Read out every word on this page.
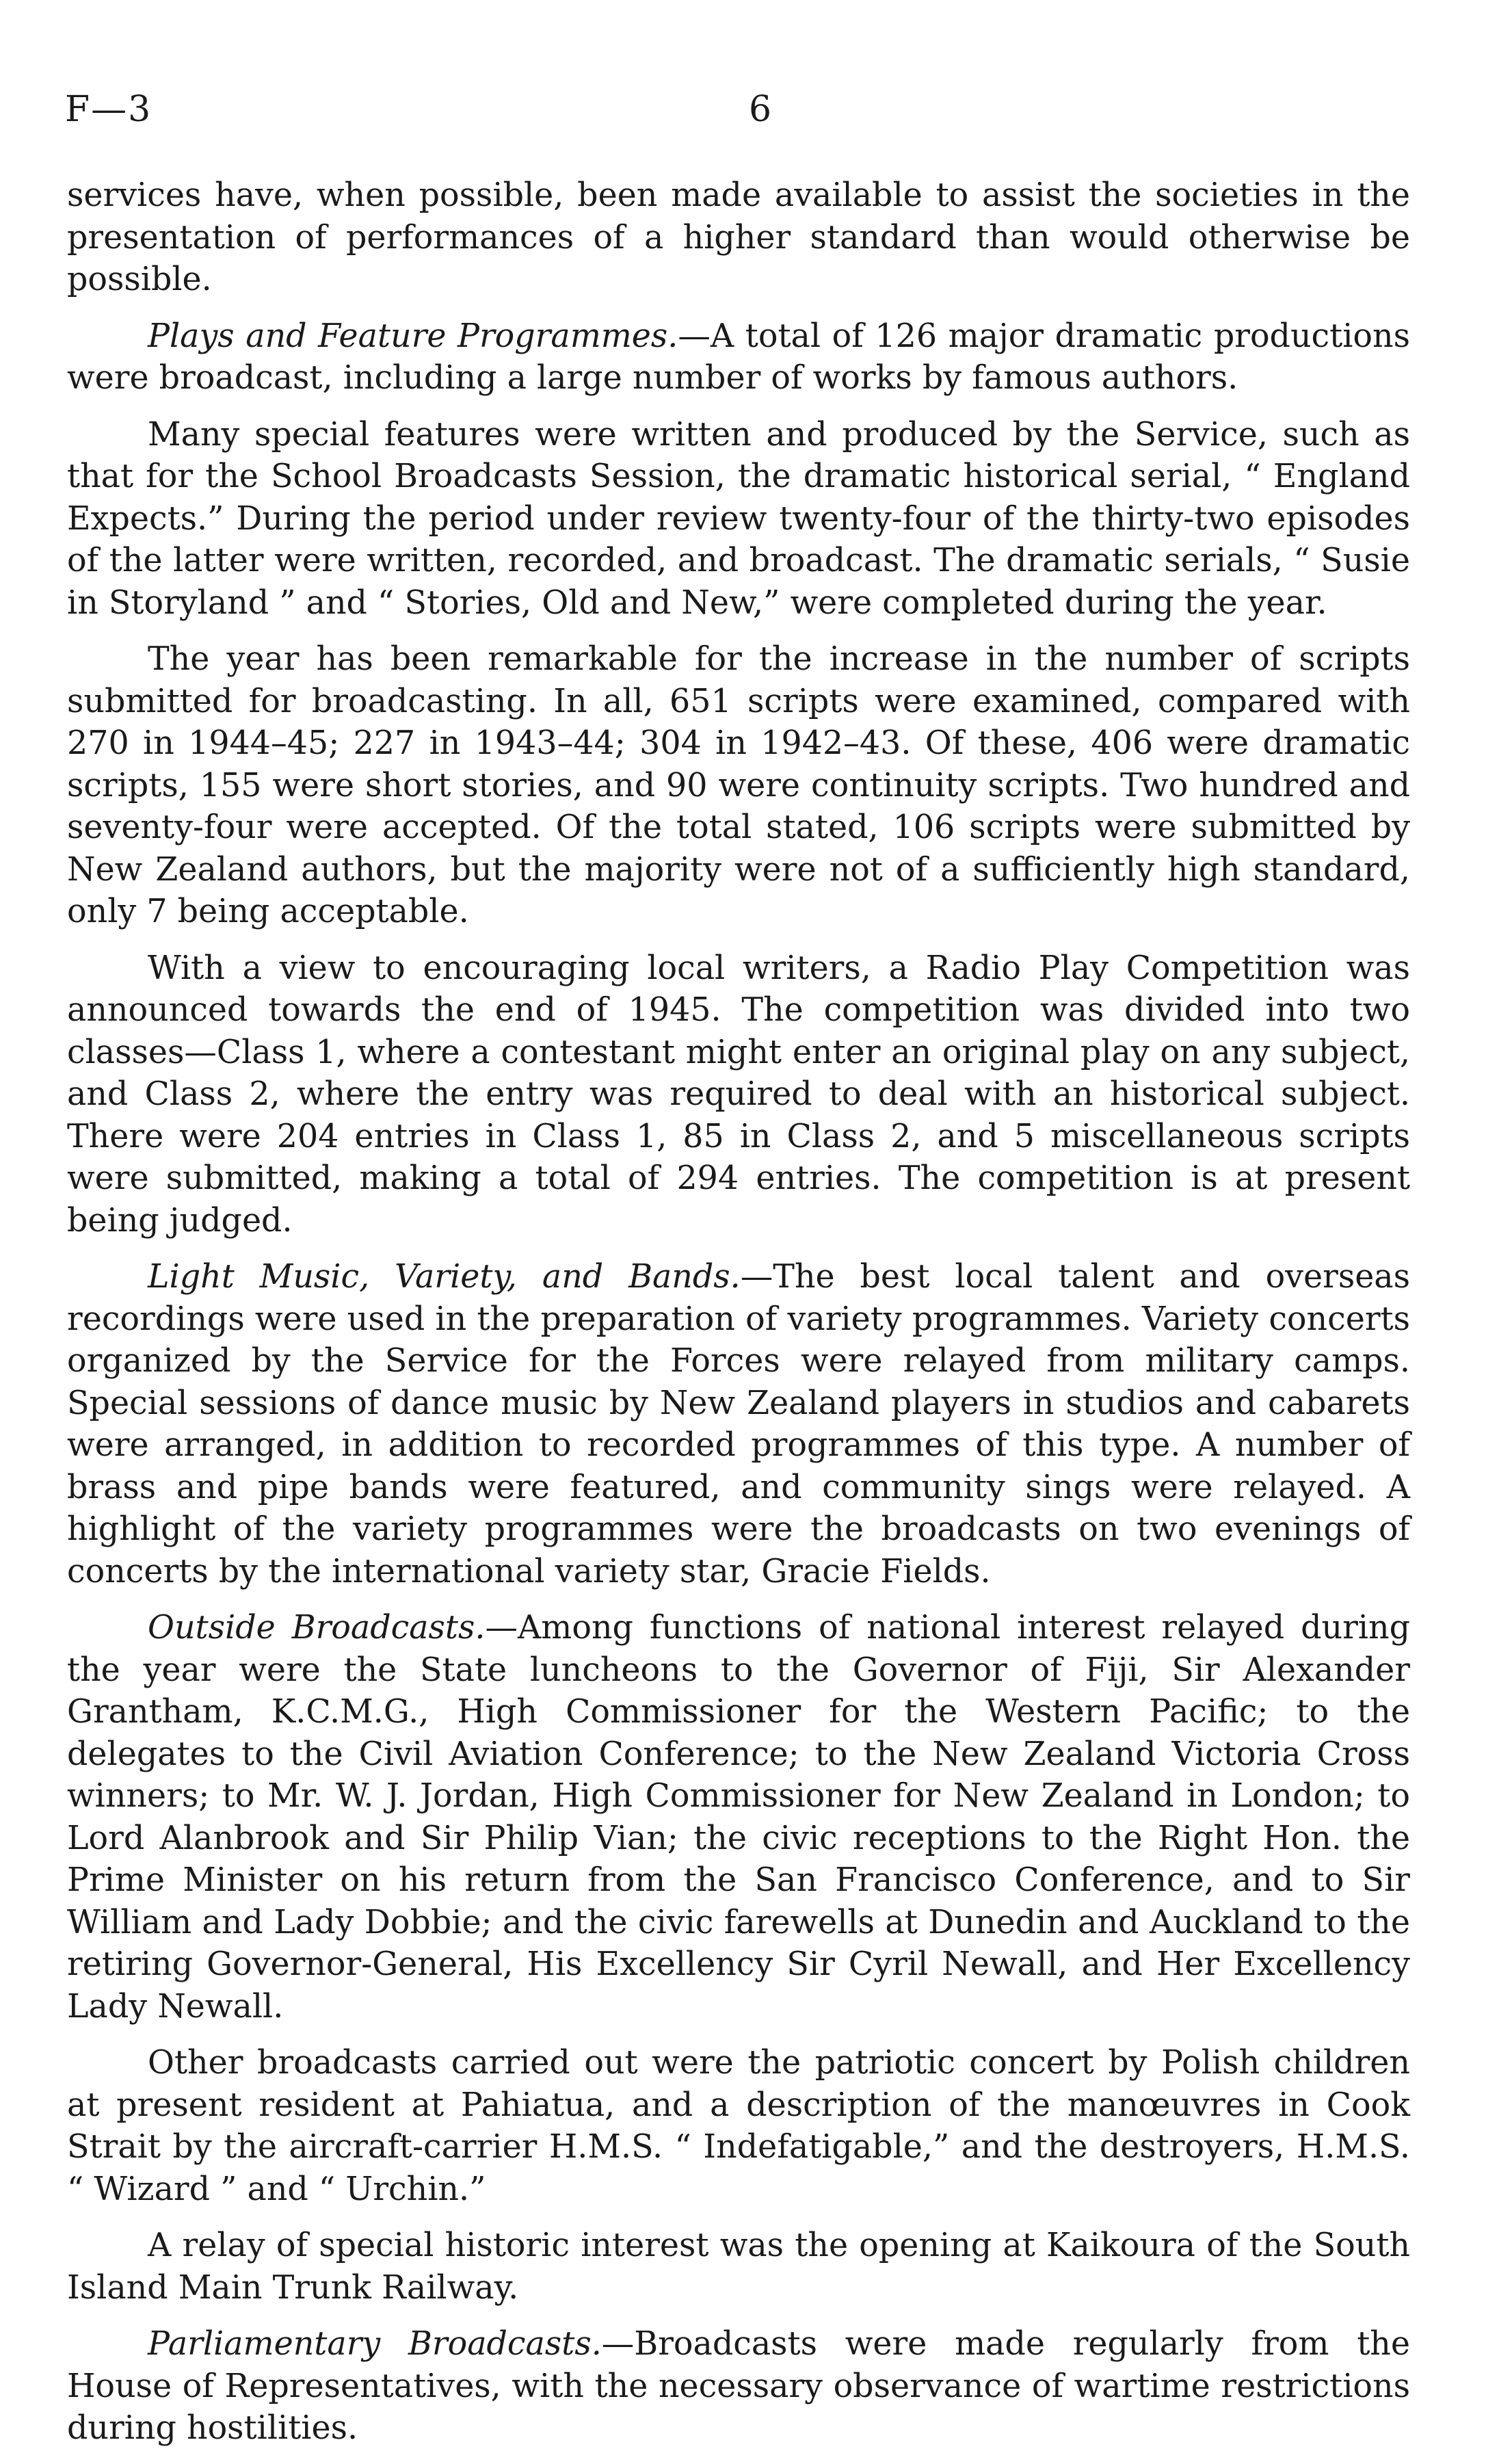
F—3	6

services have, when possible, been made available to assist the societies in the presentation of performances of a higher standard than would otherwise be possible.

Plays and Feature Programmes.—A total of 126 major dramatic productions were broadcast, including a large number of works by famous authors.

Many special features were written and produced by the Service, such as that for the School Broadcasts Session, the dramatic historical serial, “ England Expects.” During the period under review twenty-four of the thirty-two episodes of the latter were written, recorded, and broadcast. The dramatic serials, “ Susie in Storyland ” and “ Stories, Old and New,” were completed during the year.

The year has been remarkable for the increase in the number of scripts submitted for broadcasting. In all, 651 scripts were examined, compared with 270 in 1944–45; 227 in 1943–44; 304 in 1942–43. Of these, 406 were dramatic scripts, 155 were short stories, and 90 were continuity scripts. Two hundred and seventy-four were accepted. Of the total stated, 106 scripts were submitted by New Zealand authors, but the majority were not of a sufficiently high standard, only 7 being acceptable.

With a view to encouraging local writers, a Radio Play Competition was announced towards the end of 1945. The competition was divided into two classes—Class 1, where a contestant might enter an original play on any subject, and Class 2, where the entry was required to deal with an historical subject. There were 204 entries in Class 1, 85 in Class 2, and 5 miscellaneous scripts were submitted, making a total of 294 entries. The competition is at present being judged.

Light Music, Variety, and Bands.—The best local talent and overseas recordings were used in the preparation of variety programmes. Variety concerts organized by the Service for the Forces were relayed from military camps. Special sessions of dance music by New Zealand players in studios and cabarets were arranged, in addition to recorded programmes of this type. A number of brass and pipe bands were featured, and community sings were relayed. A highlight of the variety programmes were the broadcasts on two evenings of concerts by the international variety star, Gracie Fields.

Outside Broadcasts.—Among functions of national interest relayed during the year were the State luncheons to the Governor of Fiji, Sir Alexander Grantham, K.C.M.G., High Commissioner for the Western Pacific; to the delegates to the Civil Aviation Conference; to the New Zealand Victoria Cross winners; to Mr. W. J. Jordan, High Commissioner for New Zealand in London; to Lord Alanbrook and Sir Philip Vian; the civic receptions to the Right Hon. the Prime Minister on his return from the San Francisco Conference, and to Sir William and Lady Dobbie; and the civic farewells at Dunedin and Auckland to the retiring Governor-General, His Excellency Sir Cyril Newall, and Her Excellency Lady Newall.

Other broadcasts carried out were the patriotic concert by Polish children at present resident at Pahiatua, and a description of the manœuvres in Cook Strait by the aircraft-carrier H.M.S. “ Indefatigable,” and the destroyers, H.M.S. “ Wizard ” and “ Urchin.”

A relay of special historic interest was the opening at Kaikoura of the South Island Main Trunk Railway.

Parliamentary Broadcasts.—Broadcasts were made regularly from the House of Representatives, with the necessary observance of wartime restrictions during hostilities.
